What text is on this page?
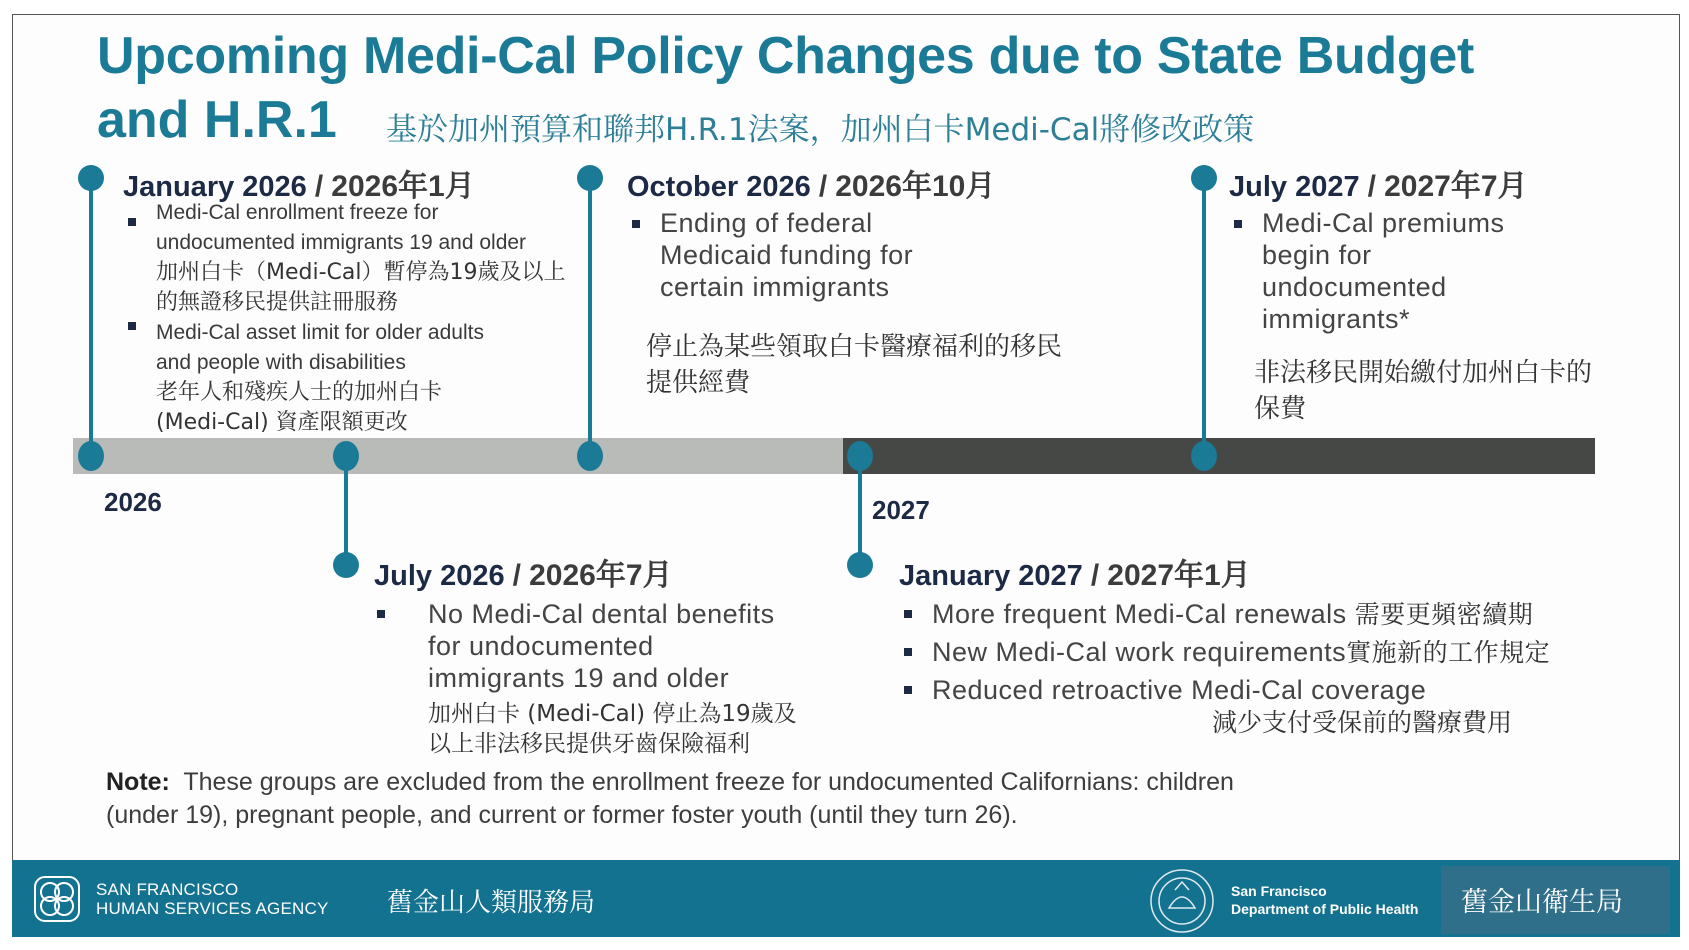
Upcoming Medi-Cal Policy Changes due to State Budget
and H.R.1 基於加州預算和聯邦H.R.1法案，加州白卡Medi-Cal將修改政策
2026	2027
January 2026 / 2026年1月
Medi-Cal enrollment freeze for
undocumented immigrants 19 and older
加州白卡（Medi-Cal）暫停為19歲及以上
的無證移民提供註冊服務
Medi-Cal asset limit for older adults
and people with disabilities
老年人和殘疾人士的加州白卡
(Medi-Cal) 資產限額更改
October 2026 / 2026年10月
Ending of federal
Medicaid funding for
certain immigrants
停止為某些領取白卡醫療福利的移民
提供經費
July 2027 / 2027年7月
Medi-Cal premiums
begin for
undocumented
immigrants*
非法移民開始繳付加州白卡的
保費
July 2026 / 2026年7月
No Medi-Cal dental benefits
for undocumented
immigrants 19 and older
加州白卡 (Medi-Cal) 停止為19歲及
以上非法移民提供牙齒保險福利
January 2027 / 2027年1月
More frequent Medi-Cal renewals 需要更頻密續期
New Medi-Cal work requirements實施新的工作規定
Reduced retroactive Medi-Cal coverage
減少支付受保前的醫療費用
Note: These groups are excluded from the enrollment freeze for undocumented Californians: children
(under 19), pregnant people, and current or former foster youth (until they turn 26).
SAN FRANCISCO
HUMAN SERVICES AGENCY 舊金山人類服務局	San Francisco
Department of Public Health 舊金山衛生局
